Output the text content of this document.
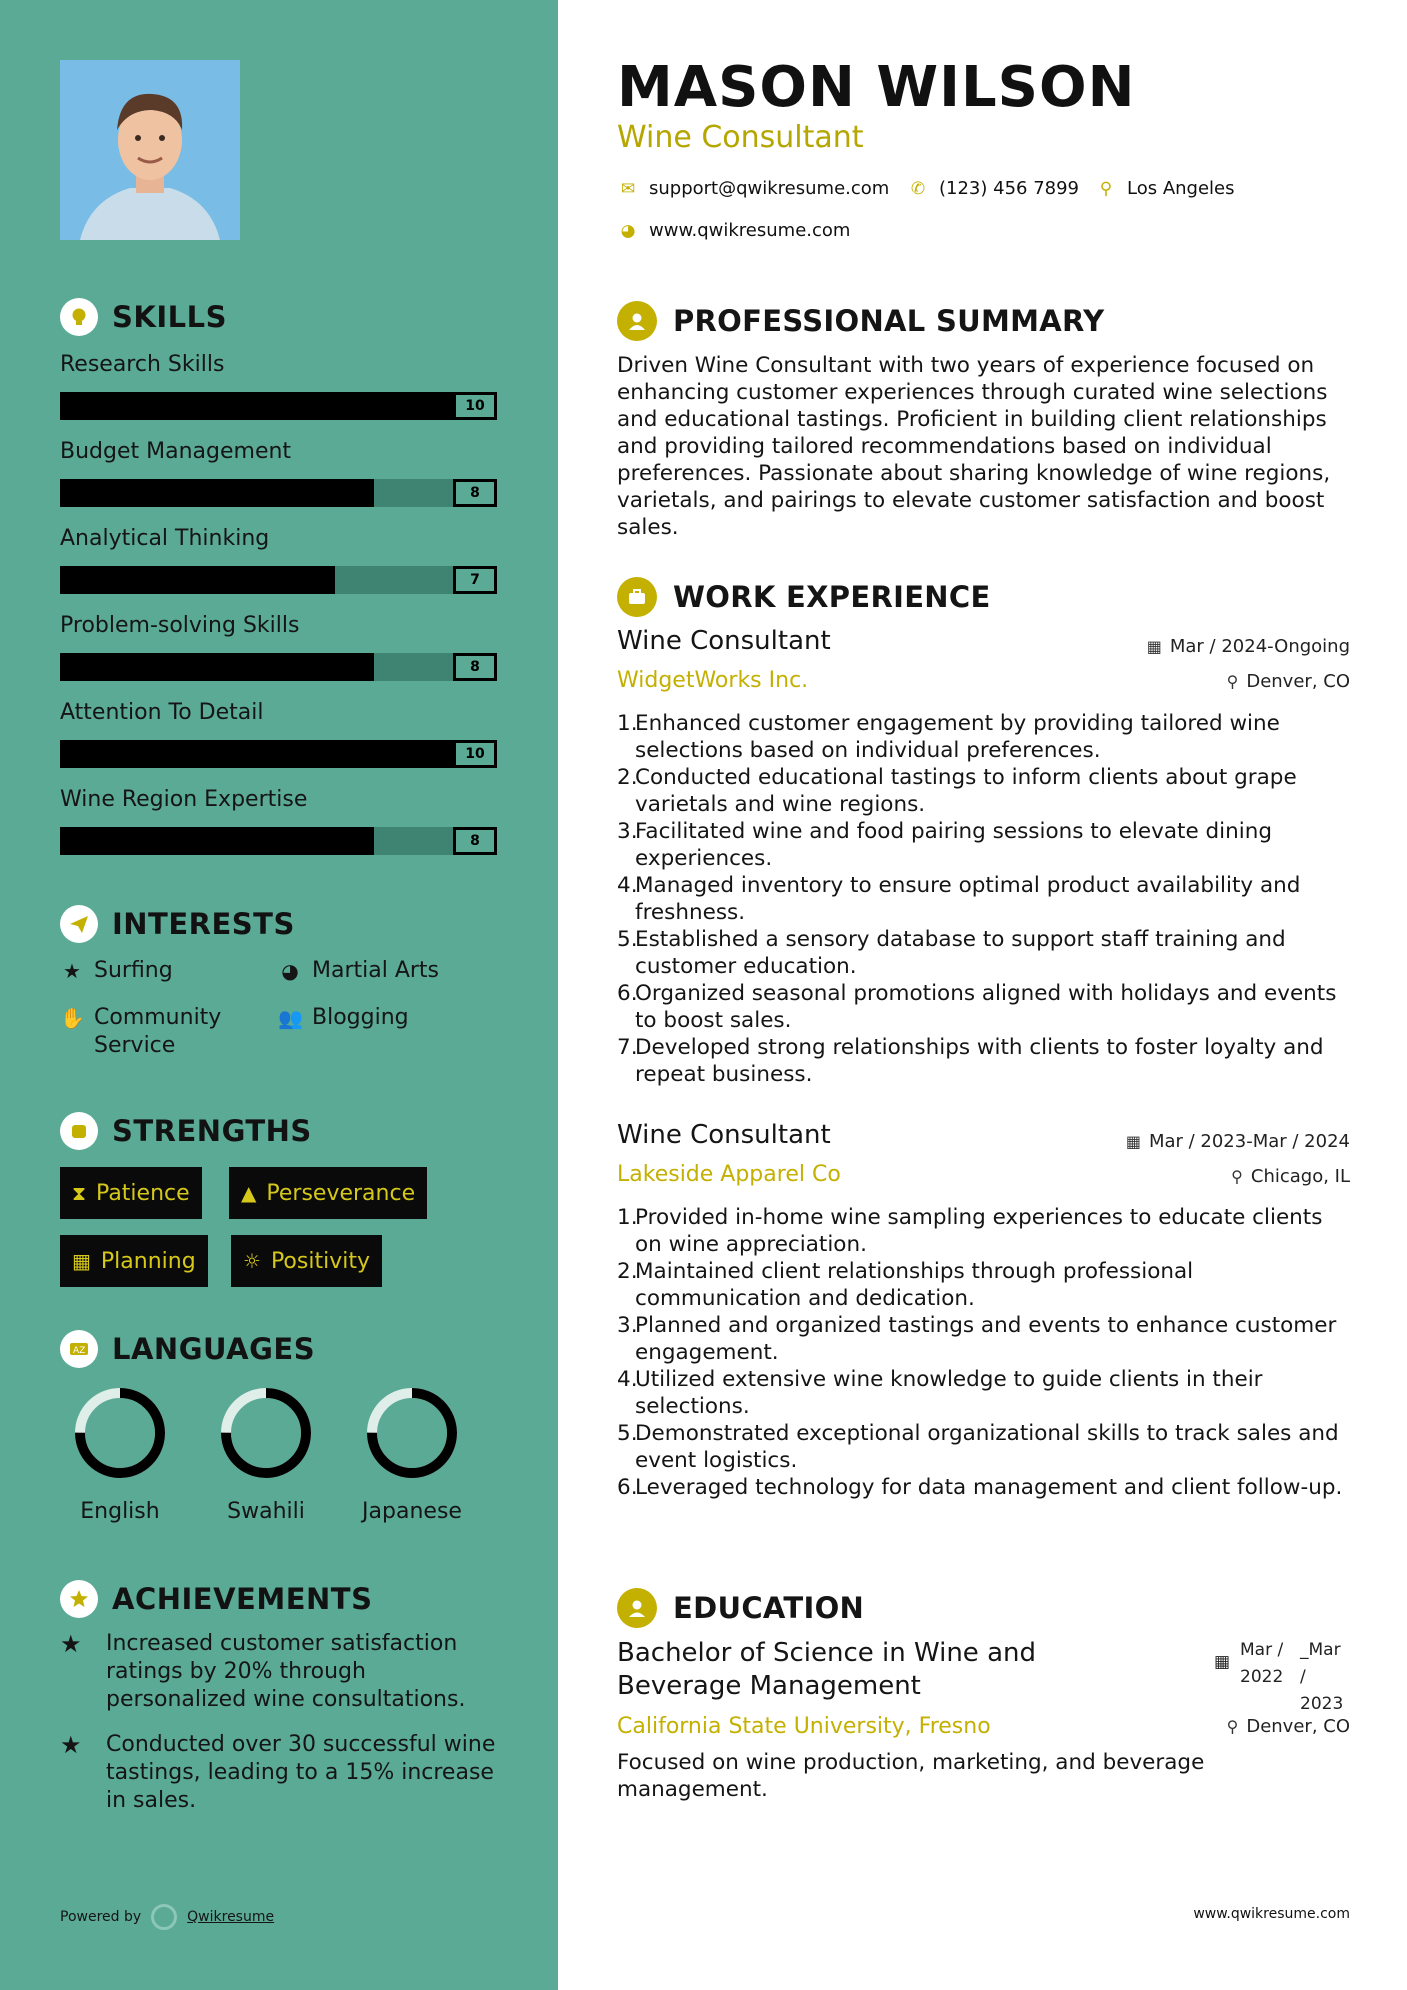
SKILLS
Research Skills
10
Budget Management
8
Analytical Thinking
7
Problem-solving Skills
8
Attention To Detail
10
Wine Region Expertise
8
INTERESTS
★ Surfing	◕ Martial Arts
✋ Community Service
👥 Blogging
STRENGTHS
⧗ Patience	▲ Perseverance
▦ Planning ☼ Positivity
AZ LANGUAGES
English	Swahili	Japanese
ACHIEVEMENTS
★	Increased customer satisfaction ratings by 20% through personalized wine consultations.
★	Conducted over 30 successful wine tastings, leading to a 15% increase in sales.
Powered by	Qwikresume
MASON WILSON
Wine Consultant
✉ support@qwikresume.com ✆ (123) 456 7899 ⚲ Los Angeles
◕ www.qwikresume.com
PROFESSIONAL SUMMARY
Driven Wine Consultant with two years of experience focused on enhancing customer experiences through curated wine selections and educational tastings. Proficient in building client relationships and providing tailored recommendations based on individual preferences. Passionate about sharing knowledge of wine regions, varietals, and pairings to elevate customer satisfaction and boost sales.
WORK EXPERIENCE
Wine Consultant	▦ Mar / 2024-Ongoing
WidgetWorks Inc.	⚲ Denver, CO
Enhanced customer engagement by providing tailored wine selections based on individual preferences.
Conducted educational tastings to inform clients about grape varietals and wine regions.
Facilitated wine and food pairing sessions to elevate dining experiences.
Managed inventory to ensure optimal product availability and freshness.
Established a sensory database to support staff training and customer education.
Organized seasonal promotions aligned with holidays and events to boost sales.
Developed strong relationships with clients to foster loyalty and repeat business.
Wine Consultant	▦ Mar / 2023-Mar / 2024
Lakeside Apparel Co	⚲ Chicago, IL
Provided in-home wine sampling experiences to educate clients on wine appreciation.
Maintained client relationships through professional communication and dedication.
Planned and organized tastings and events to enhance customer engagement.
Utilized extensive wine knowledge to guide clients in their selections.
Demonstrated exceptional organizational skills to track sales and event logistics.
Leveraged technology for data management and client follow-up.
EDUCATION
Bachelor of Science in Wine and Beverage Management
▦
Mar / 2022
_Mar / 2023
California State University, Fresno	⚲ Denver, CO
Focused on wine production, marketing, and beverage management.
www.qwikresume.com
